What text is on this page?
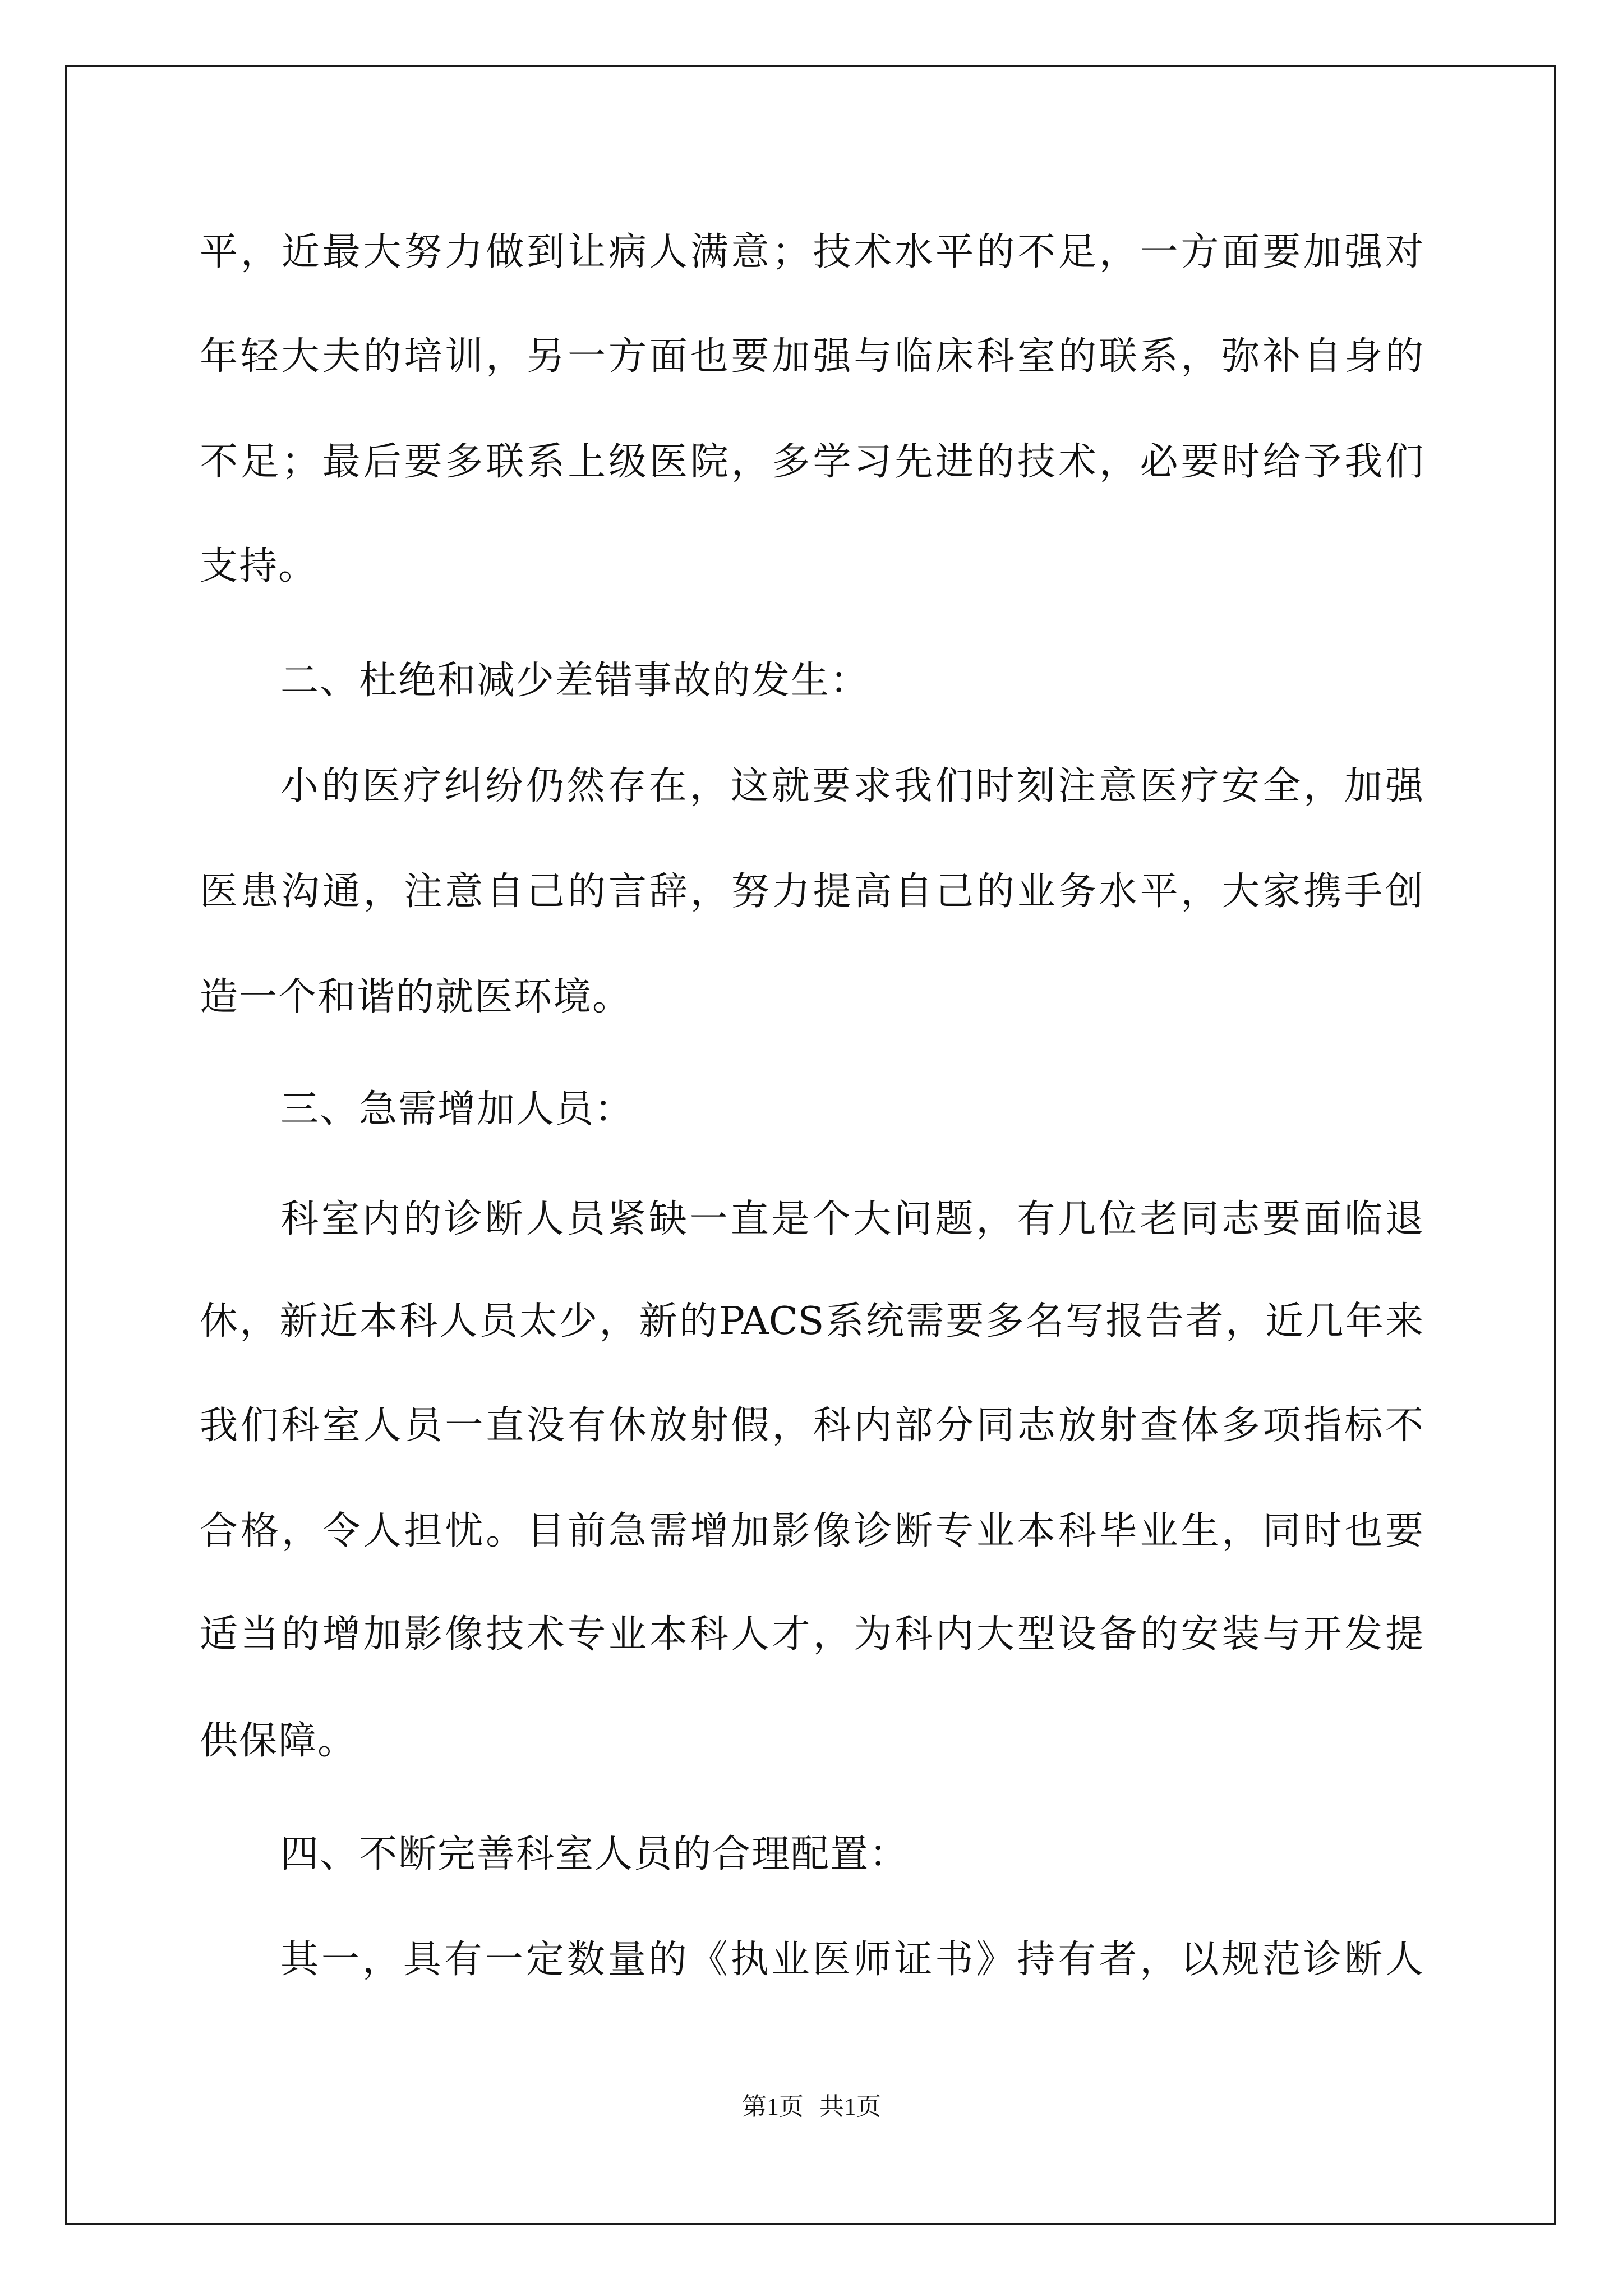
平，近最大努力做到让病人满意；技术水平的不足，一方面要加强对
年轻大夫的培训，另一方面也要加强与临床科室的联系，弥补自身的
不足；最后要多联系上级医院，多学习先进的技术，必要时给予我们
支持。
二、杜绝和减少差错事故的发生：
小的医疗纠纷仍然存在，这就要求我们时刻注意医疗安全，加强
医患沟通，注意自己的言辞，努力提高自己的业务水平，大家携手创
造一个和谐的就医环境。
三、急需增加人员：
科室内的诊断人员紧缺一直是个大问题，有几位老同志要面临退
休，新近本科人员太少，新的PACS系统需要多名写报告者，近几年来
我们科室人员一直没有休放射假，科内部分同志放射查体多项指标不
合格，令人担忧。目前急需增加影像诊断专业本科毕业生，同时也要
适当的增加影像技术专业本科人才，为科内大型设备的安装与开发提
供保障。
四、不断完善科室人员的合理配置：
其一，具有一定数量的《执业医师证书》持有者，以规范诊断人
第1页 共1页
